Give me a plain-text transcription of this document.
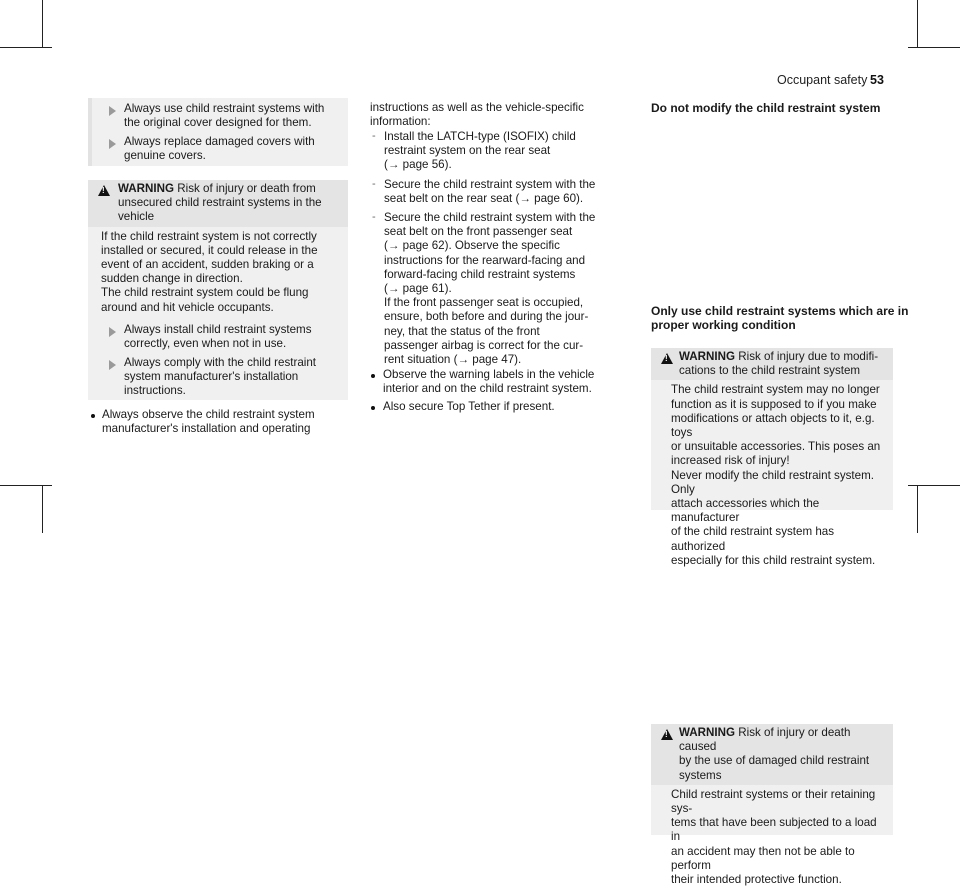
Occupant safety 53
Always use child restraint systems with
the original cover designed for them.
Always replace damaged covers with
genuine covers.
!
WARNING Risk of injury or death from
unsecured child restraint systems in the
vehicle
If the child restraint system is not correctly
installed or secured, it could release in the
event of an accident, sudden braking or a
sudden change in direction.
The child restraint system could be flung
around and hit vehicle occupants.
Always install child restraint systems
correctly, even when not in use.
Always comply with the child restraint
system manufacturer's installation
instructions.
Always observe the child restraint system
manufacturer's installation and operating
instructions as well as the vehicle-specific
information:
- Install the LATCH-type (ISOFIX) child
restraint system on the rear seat
(→ page 56).
- Secure the child restraint system with the
seat belt on the rear seat (→ page 60).
- Secure the child restraint system with the
seat belt on the front passenger seat
(→ page 62). Observe the specific
instructions for the rearward-facing and
forward-facing child restraint systems
(→ page 61).
If the front passenger seat is occupied,
ensure, both before and during the jour-
ney, that the status of the front
passenger airbag is correct for the cur-
rent situation (→ page 47).
Observe the warning labels in the vehicle
interior and on the child restraint system.
Also secure Top Tether if present.
Do not modify the child restraint system
!
WARNING Risk of injury due to modifi-
cations to the child restraint system
The child restraint system may no longer
function as it is supposed to if you make
modifications or attach objects to it, e.g. toys
or unsuitable accessories. This poses an
increased risk of injury!
Never modify the child restraint system. Only
attach accessories which the manufacturer
of the child restraint system has authorized
especially for this child restraint system.
Only use child restraint systems which are in
proper working condition
!
WARNING Risk of injury or death caused
by the use of damaged child restraint
systems
Child restraint systems or their retaining sys-
tems that have been subjected to a load in
an accident may then not be able to perform
their intended protective function.
